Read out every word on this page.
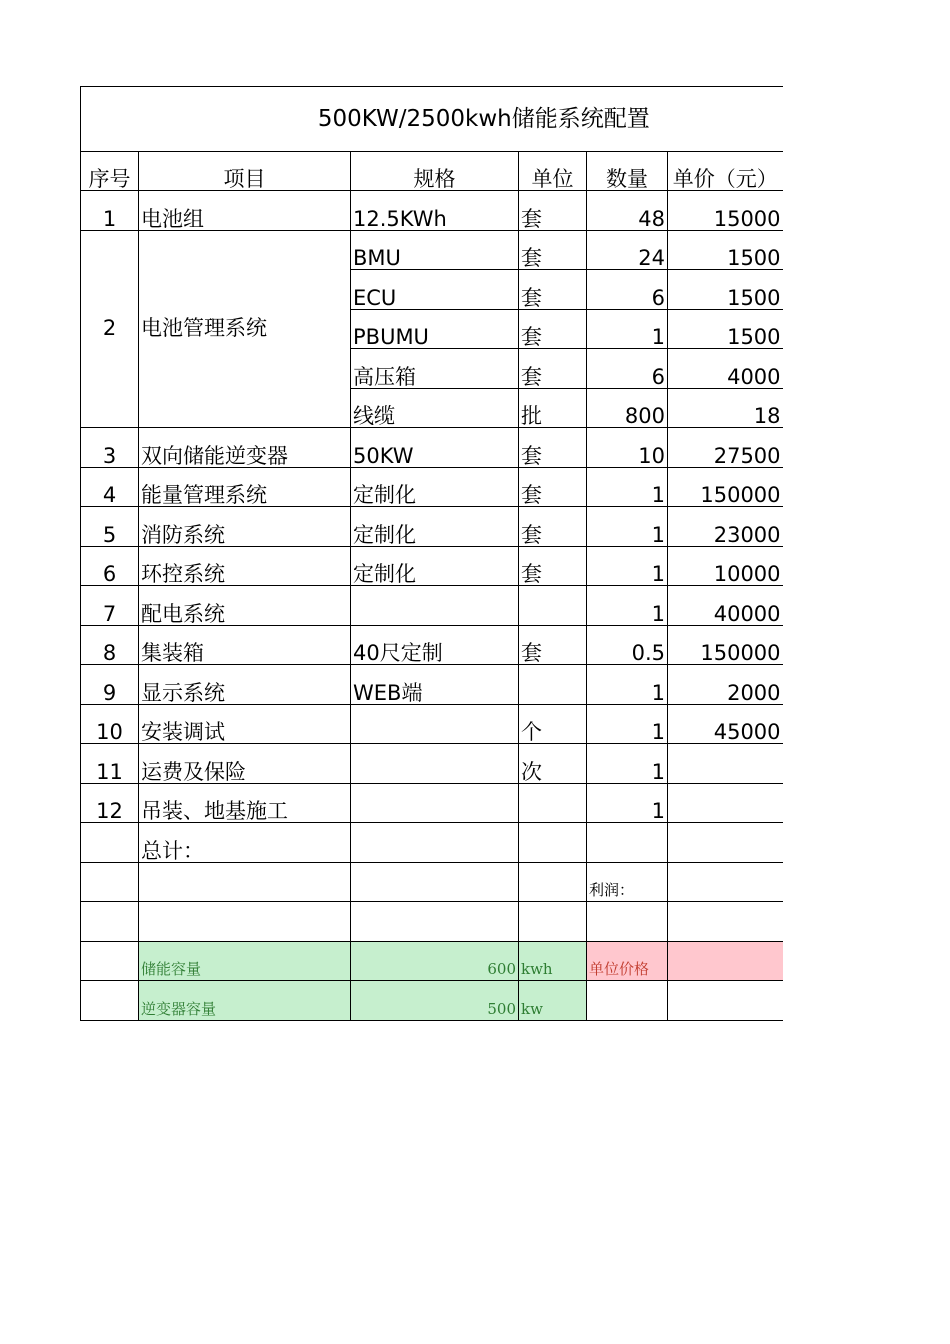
500KW/2500kwh储能系统配置					
序号	项目	规格	单位	数量	单价（元）
1	电池组	12.5KWh	套	48	15000
2	电池管理系统	BMU	套	24	1500
		ECU	套	6	1500
		PBUMU	套	1	1500
		高压箱	套	6	4000
		线缆	批	800	18
3	双向储能逆变器	50KW	套	10	27500
4	能量管理系统	定制化	套	1	150000
5	消防系统	定制化	套	1	23000
6	环控系统	定制化	套	1	10000
7	配电系统			1	40000
8	集装箱	40尺定制	套	0.5	150000
9	显示系统	WEB端		1	2000
10	安装调试		个	1	45000
11	运费及保险		次	1	
12	吊装、地基施工			1	
	总计：				
				利润：	

	储能容量	600	kwh	单位价格	
	逆变器容量	500	kw		
